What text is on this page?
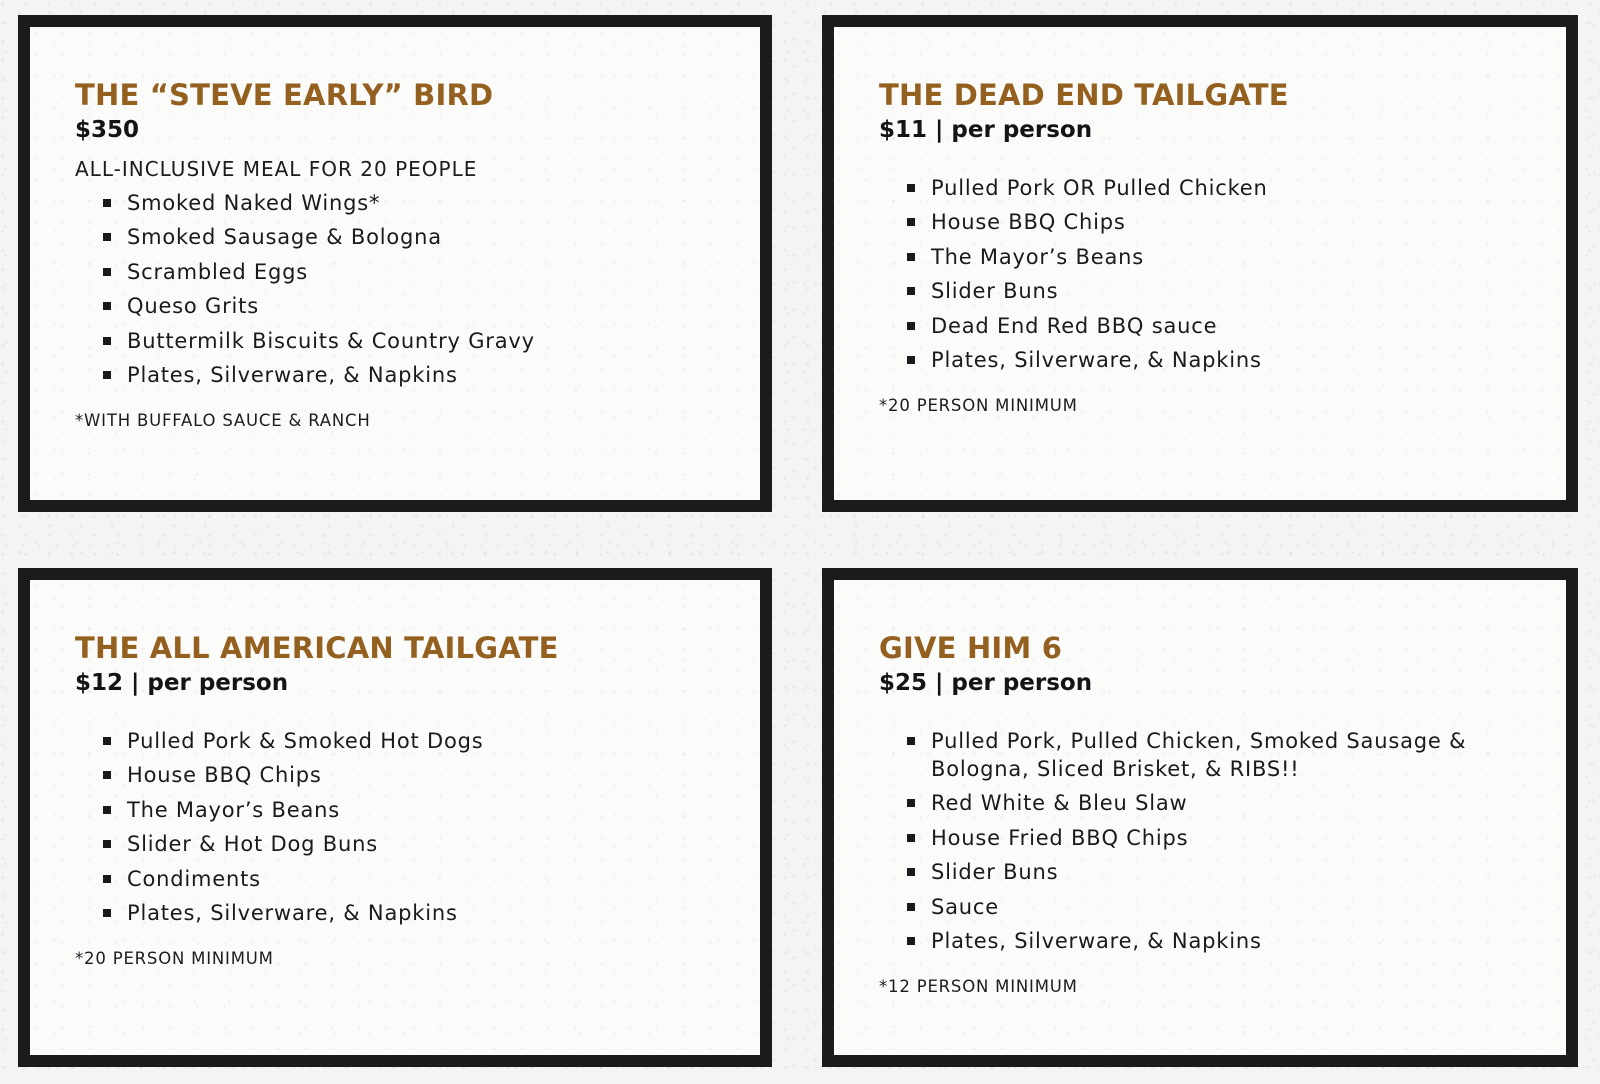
THE “STEVE EARLY” BIRD
$350
ALL-INCLUSIVE MEAL FOR 20 PEOPLE
Smoked Naked Wings*
Smoked Sausage & Bologna
Scrambled Eggs
Queso Grits
Buttermilk Biscuits & Country Gravy
Plates, Silverware, & Napkins
*WITH BUFFALO SAUCE & RANCH
THE DEAD END TAILGATE
$11 | per person
Pulled Pork OR Pulled Chicken
House BBQ Chips
The Mayor’s Beans
Slider Buns
Dead End Red BBQ sauce
Plates, Silverware, & Napkins
*20 PERSON MINIMUM
THE ALL AMERICAN TAILGATE
$12 | per person
Pulled Pork & Smoked Hot Dogs
House BBQ Chips
The Mayor’s Beans
Slider & Hot Dog Buns
Condiments
Plates, Silverware, & Napkins
*20 PERSON MINIMUM
GIVE HIM 6
$25 | per person
Pulled Pork, Pulled Chicken, Smoked Sausage & Bologna, Sliced Brisket, & RIBS!!
Red White & Bleu Slaw
House Fried BBQ Chips
Slider Buns
Sauce
Plates, Silverware, & Napkins
*12 PERSON MINIMUM
